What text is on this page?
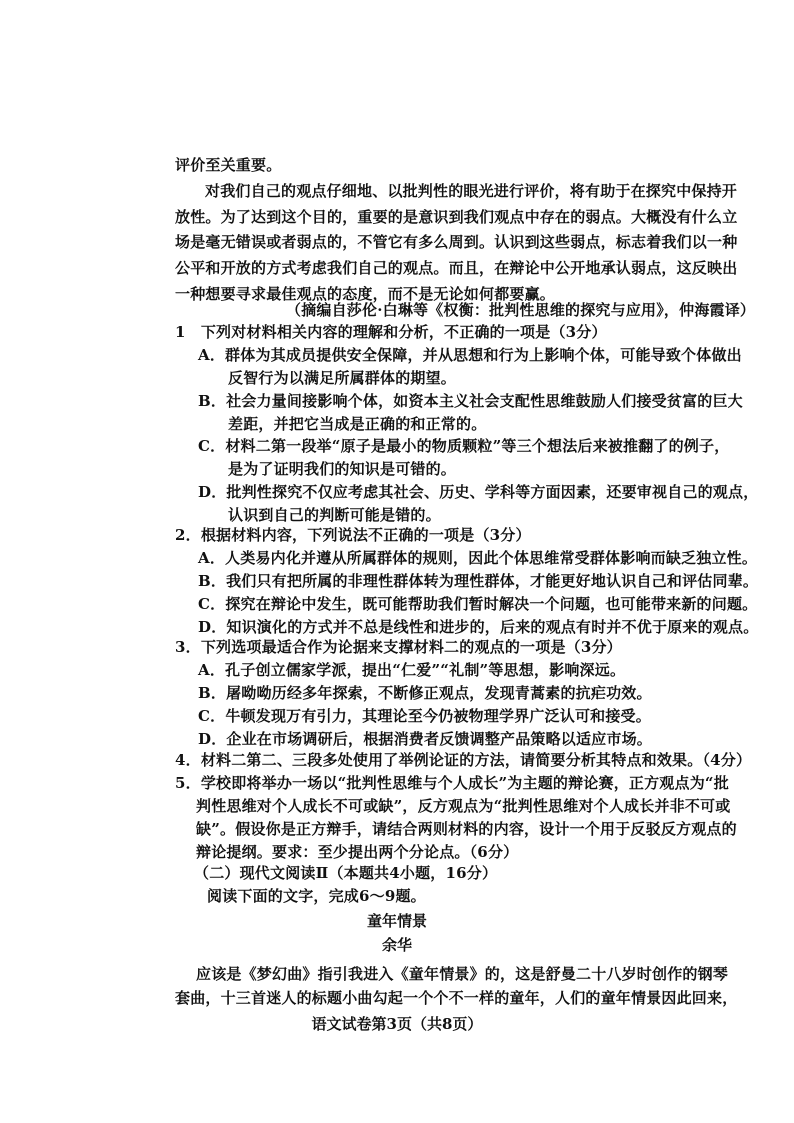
评价至关重要。
对我们自己的观点仔细地、以批判性的眼光进行评价，将有助于在探究中保持开
放性。为了达到这个目的，重要的是意识到我们观点中存在的弱点。大概没有什么立
场是毫无错误或者弱点的，不管它有多么周到。认识到这些弱点，标志着我们以一种
公平和开放的方式考虑我们自己的观点。而且，在辩论中公开地承认弱点，这反映出
一种想要寻求最佳观点的态度，而不是无论如何都要赢。
（摘编自莎伦·白琳等《权衡：批判性思维的探究与应用》，仲海霞译）
1　下列对材料相关内容的理解和分析，不正确的一项是（3分）
A．群体为其成员提供安全保障，并从思想和行为上影响个体，可能导致个体做出
反智行为以满足所属群体的期望。
B．社会力量间接影响个体，如资本主义社会支配性思维鼓励人们接受贫富的巨大
差距，并把它当成是正确的和正常的。
C．材料二第一段举“原子是最小的物质颗粒”等三个想法后来被推翻了的例子，
是为了证明我们的知识是可错的。
D．批判性探究不仅应考虑其社会、历史、学科等方面因素，还要审视自己的观点，
认识到自己的判断可能是错的。
2．根据材料内容，下列说法不正确的一项是（3分）
A．人类易内化并遵从所属群体的规则，因此个体思维常受群体影响而缺乏独立性。
B．我们只有把所属的非理性群体转为理性群体，才能更好地认识自己和评估同辈。
C．探究在辩论中发生，既可能帮助我们暂时解决一个问题，也可能带来新的问题。
D．知识演化的方式并不总是线性和进步的，后来的观点有时并不优于原来的观点。
3．下列选项最适合作为论据来支撑材料二的观点的一项是（3分）
A．孔子创立儒家学派，提出“仁爱”“礼制”等思想，影响深远。
B．屠呦呦历经多年探索，不断修正观点，发现青蒿素的抗疟功效。
C．牛顿发现万有引力，其理论至今仍被物理学界广泛认可和接受。
D．企业在市场调研后，根据消费者反馈调整产品策略以适应市场。
4．材料二第二、三段多处使用了举例论证的方法，请简要分析其特点和效果。（4分）
5．学校即将举办一场以“批判性思维与个人成长”为主题的辩论赛，正方观点为“批
判性思维对个人成长不可或缺”，反方观点为“批判性思维对个人成长并非不可或
缺”。假设你是正方辩手，请结合两则材料的内容，设计一个用于反驳反方观点的
辩论提纲。要求：至少提出两个分论点。（6分）
（二）现代文阅读Ⅱ（本题共4小题，16分）
阅读下面的文字，完成6～9题。
童年情景
余华
应该是《梦幻曲》指引我进入《童年情景》的，这是舒曼二十八岁时创作的钢琴
套曲，十三首迷人的标题小曲勾起一个个不一样的童年，人们的童年情景因此回来，
语文试卷第3页（共8页）
